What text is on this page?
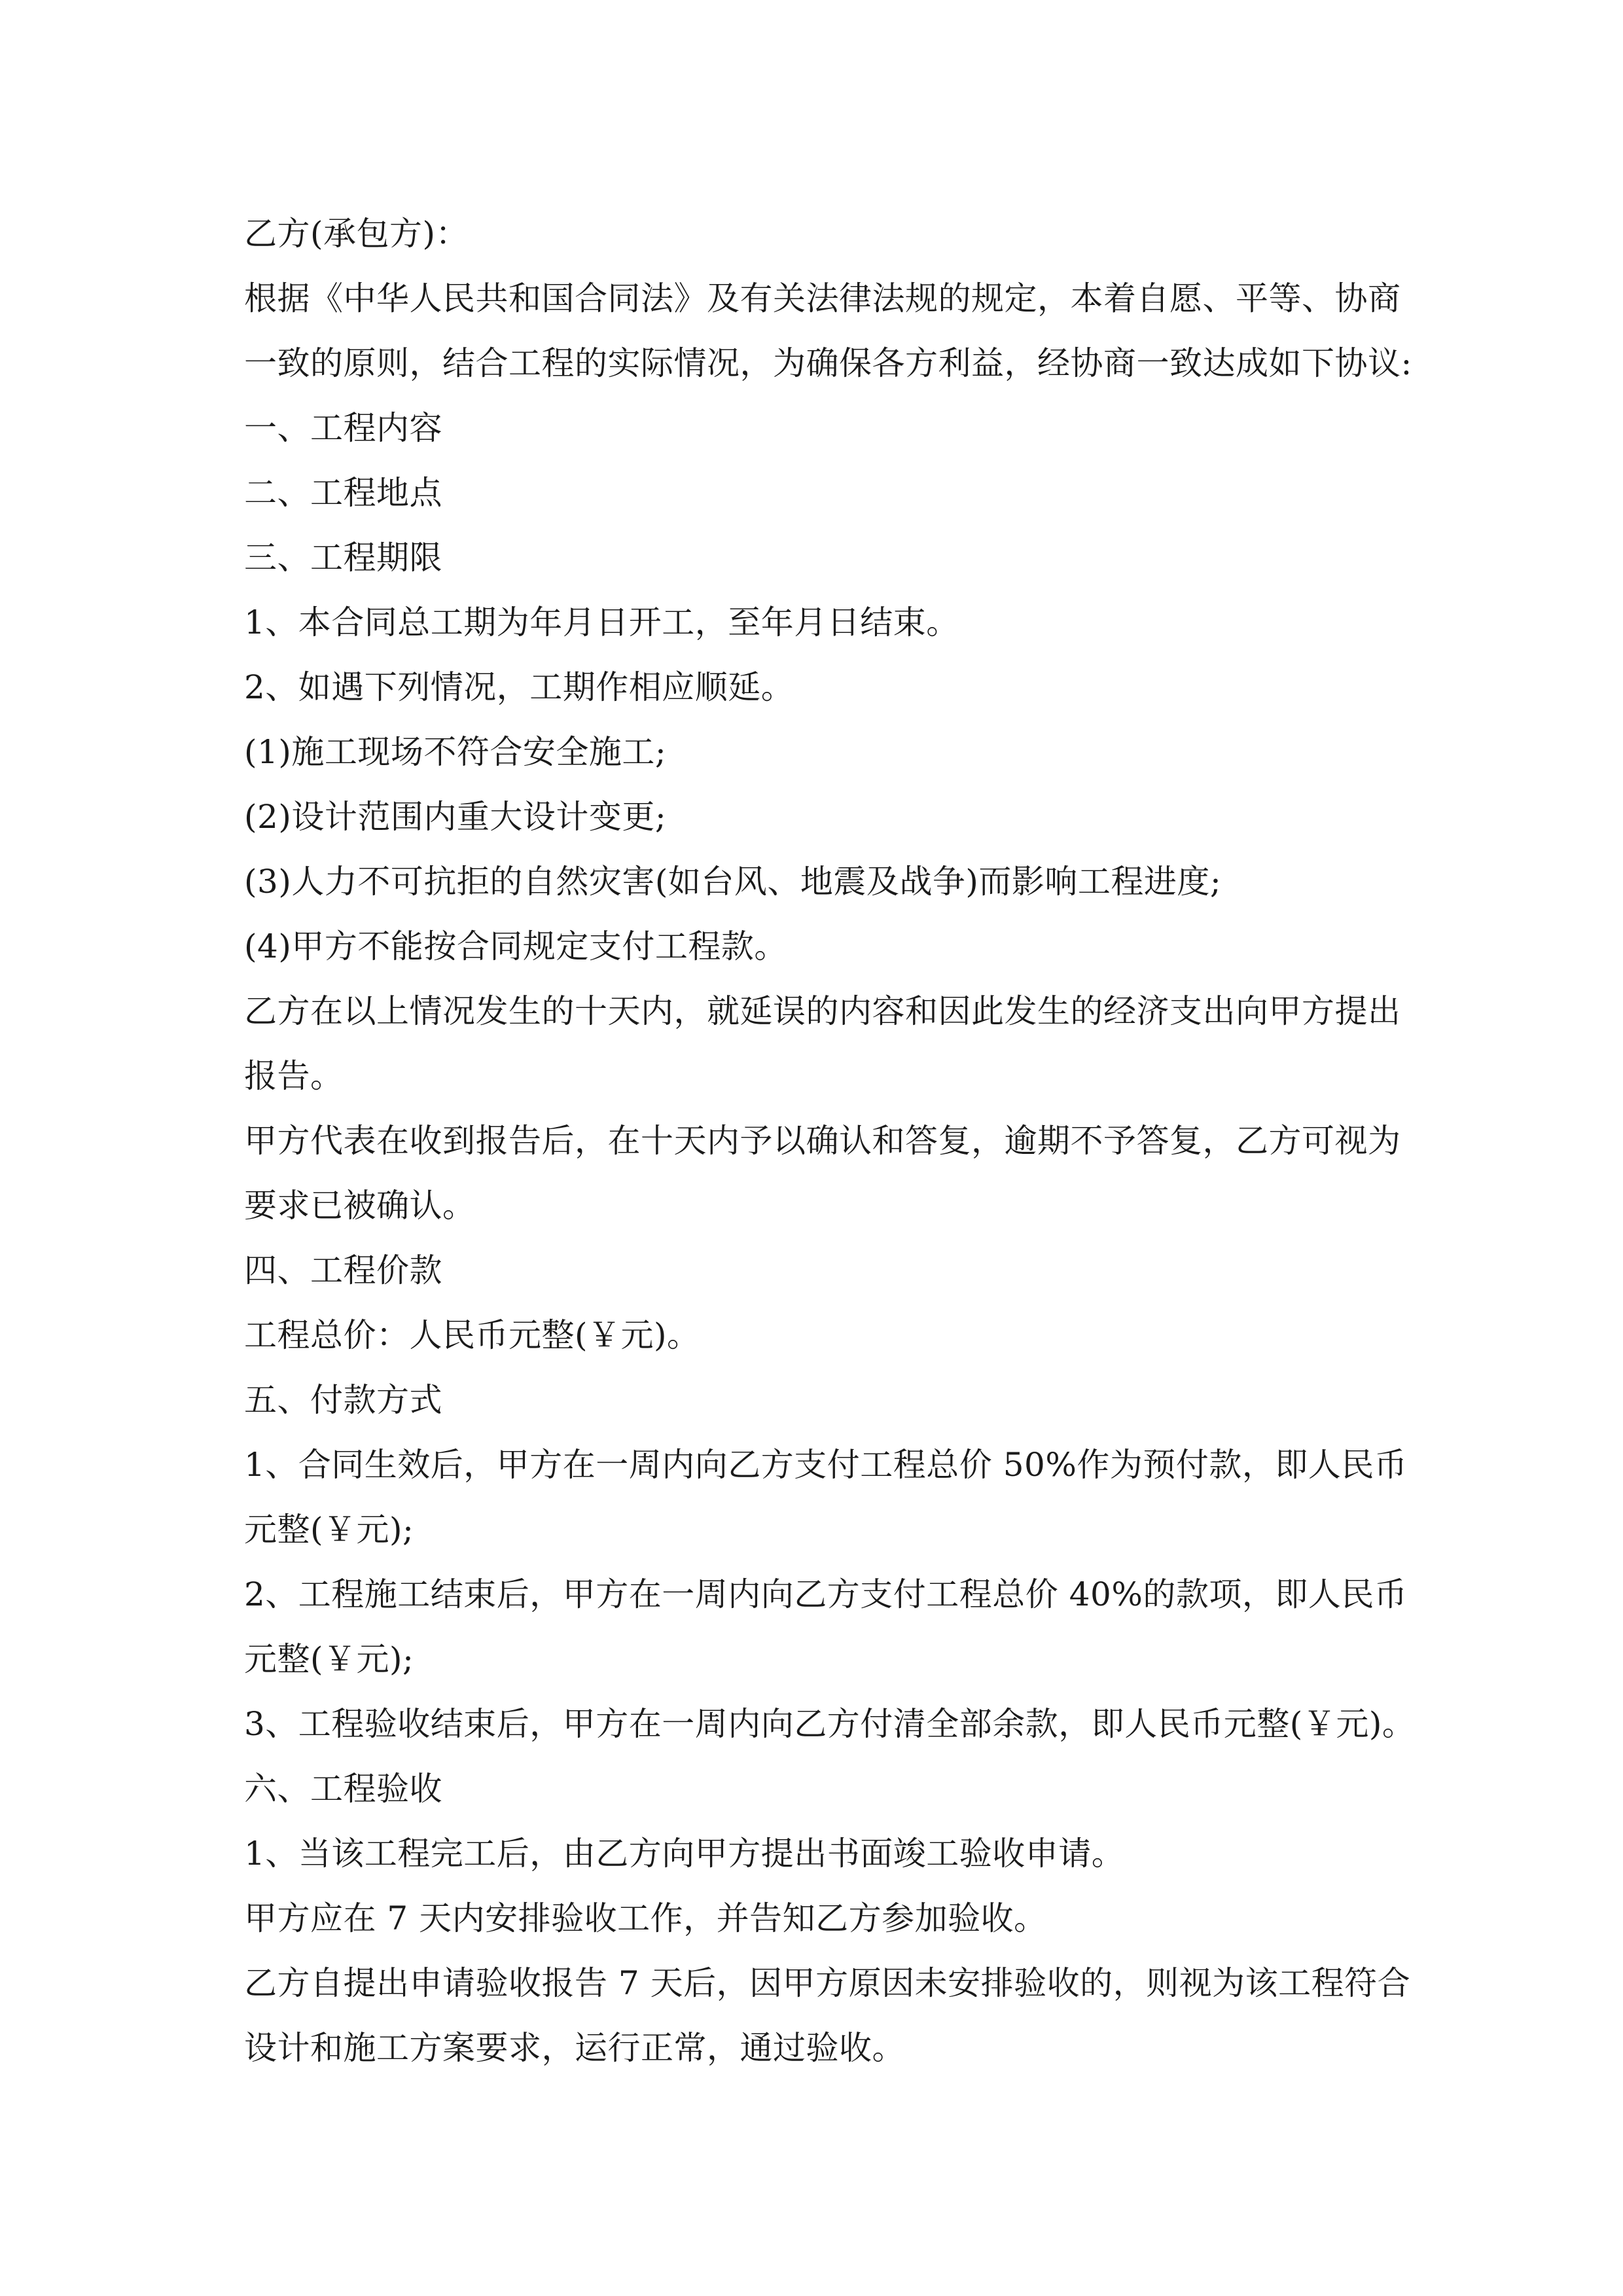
乙方(承包方)：
根据《中华人民共和国合同法》及有关法律法规的规定，本着自愿、平等、协商
一致的原则，结合工程的实际情况，为确保各方利益，经协商一致达成如下协议:
一、工程内容
二、工程地点
三、工程期限
1、本合同总工期为年月日开工，至年月日结束。
2、如遇下列情况，工期作相应顺延。
(1)施工现场不符合安全施工;
(2)设计范围内重大设计变更;
(3)人力不可抗拒的自然灾害(如台风、地震及战争)而影响工程进度;
(4)甲方不能按合同规定支付工程款。
乙方在以上情况发生的十天内，就延误的内容和因此发生的经济支出向甲方提出
报告。
甲方代表在收到报告后，在十天内予以确认和答复，逾期不予答复，乙方可视为
要求已被确认。
四、工程价款
工程总价：人民币元整(￥元)。
五、付款方式
1、合同生效后，甲方在一周内向乙方支付工程总价 50%作为预付款，即人民币
元整(￥元);
2、工程施工结束后，甲方在一周内向乙方支付工程总价 40%的款项，即人民币
元整(￥元);
3、工程验收结束后，甲方在一周内向乙方付清全部余款，即人民币元整(￥元)。
六、工程验收
1、当该工程完工后，由乙方向甲方提出书面竣工验收申请。
甲方应在 7 天内安排验收工作，并告知乙方参加验收。
乙方自提出申请验收报告 7 天后，因甲方原因未安排验收的，则视为该工程符合
设计和施工方案要求，运行正常，通过验收。
